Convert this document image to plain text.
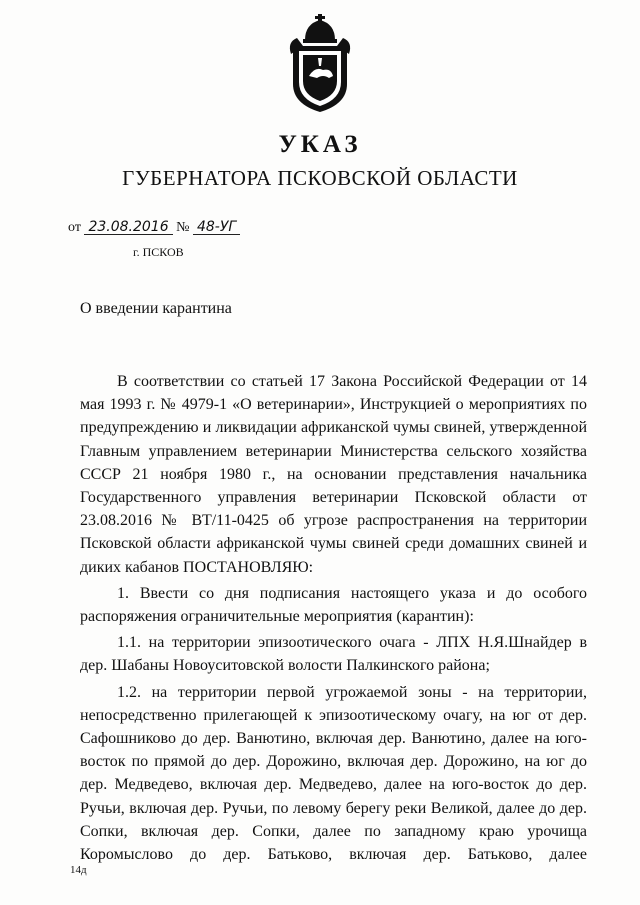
УКАЗ
ГУБЕРНАТОРА ПСКОВСКОЙ ОБЛАСТИ
от 23.08.2016 № 48-УГ
г. ПСКОВ
О введении карантина

В соответствии со статьей 17 Закона Российской Федерации от 14 мая 1993 г. № 4979-1 «О ветеринарии», Инструкцией о мероприятиях по предупреждению и ликвидации африканской чумы свиней, утвержденной Главным управлением ветеринарии Министерства сельского хозяйства СССР 21 ноября 1980 г., на основании представления начальника Государственного управления ветеринарии Псковской области от 23.08.2016 № ВТ/11-0425 об угрозе распространения на территории Псковской области африканской чумы свиней среди домашних свиней и диких кабанов ПОСТАНОВЛЯЮ:

1. Ввести со дня подписания настоящего указа и до особого распоряжения ограничительные мероприятия (карантин):

1.1. на территории эпизоотического очага - ЛПХ Н.Я.Шнайдер в дер. Шабаны Новоуситовской волости Палкинского района;

1.2. на территории первой угрожаемой зоны - на территории, непосредственно прилегающей к эпизоотическому очагу, на юг от дер. Сафошниково до дер. Ванютино, включая дер. Ванютино, далее на юго-восток по прямой до дер. Дорожино, включая дер. Дорожино, на юг до дер. Медведево, включая дер. Медведево, далее на юго-восток до дер. Ручьи, включая дер. Ручьи, по левому берегу реки Великой, далее до дер. Сопки, включая дер. Сопки, далее по западному краю урочища Коромыслово до дер. Батьково, включая дер. Батьково, далее

14д
